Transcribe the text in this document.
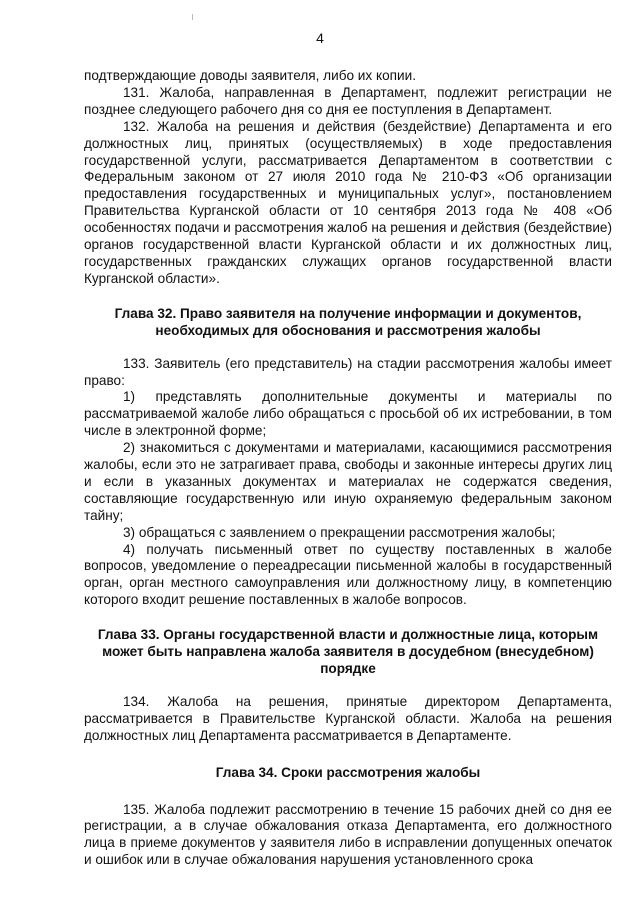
4

подтверждающие доводы заявителя, либо их копии.

131. Жалоба, направленная в Департамент, подлежит регистрации не позднее следующего рабочего дня со дня ее поступления в Департамент.

132. Жалоба на решения и действия (бездействие) Департамента и его должностных лиц, принятых (осуществляемых) в ходе предоставления государственной услуги, рассматривается Департаментом в соответствии с Федеральным законом от 27 июля 2010 года № 210-ФЗ «Об организации предоставления государственных и муниципальных услуг», постановлением Правительства Курганской области от 10 сентября 2013 года № 408 «Об особенностях подачи и рассмотрения жалоб на решения и действия (бездействие) органов государственной власти Курганской области и их должностных лиц, государственных гражданских служащих органов государственной власти Курганской области».

Глава 32. Право заявителя на получение информации и документов, необходимых для обоснования и рассмотрения жалобы

133. Заявитель (его представитель) на стадии рассмотрения жалобы имеет право:

1) представлять дополнительные документы и материалы по рассматриваемой жалобе либо обращаться с просьбой об их истребовании, в том числе в электронной форме;

2) знакомиться с документами и материалами, касающимися рассмотрения жалобы, если это не затрагивает права, свободы и законные интересы других лиц и если в указанных документах и материалах не содержатся сведения, составляющие государственную или иную охраняемую федеральным законом тайну;

3) обращаться с заявлением о прекращении рассмотрения жалобы;

4) получать письменный ответ по существу поставленных в жалобе вопросов, уведомление о переадресации письменной жалобы в государственный орган, орган местного самоуправления или должностному лицу, в компетенцию которого входит решение поставленных в жалобе вопросов.

Глава 33. Органы государственной власти и должностные лица, которым может быть направлена жалоба заявителя в досудебном (внесудебном) порядке

134. Жалоба на решения, принятые директором Департамента, рассматривается в Правительстве Курганской области. Жалоба на решения должностных лиц Департамента рассматривается в Департаменте.

Глава 34. Сроки рассмотрения жалобы

135. Жалоба подлежит рассмотрению в течение 15 рабочих дней со дня ее регистрации, а в случае обжалования отказа Департамента, его должностного лица в приеме документов у заявителя либо в исправлении допущенных опечаток и ошибок или в случае обжалования нарушения установленного срока
